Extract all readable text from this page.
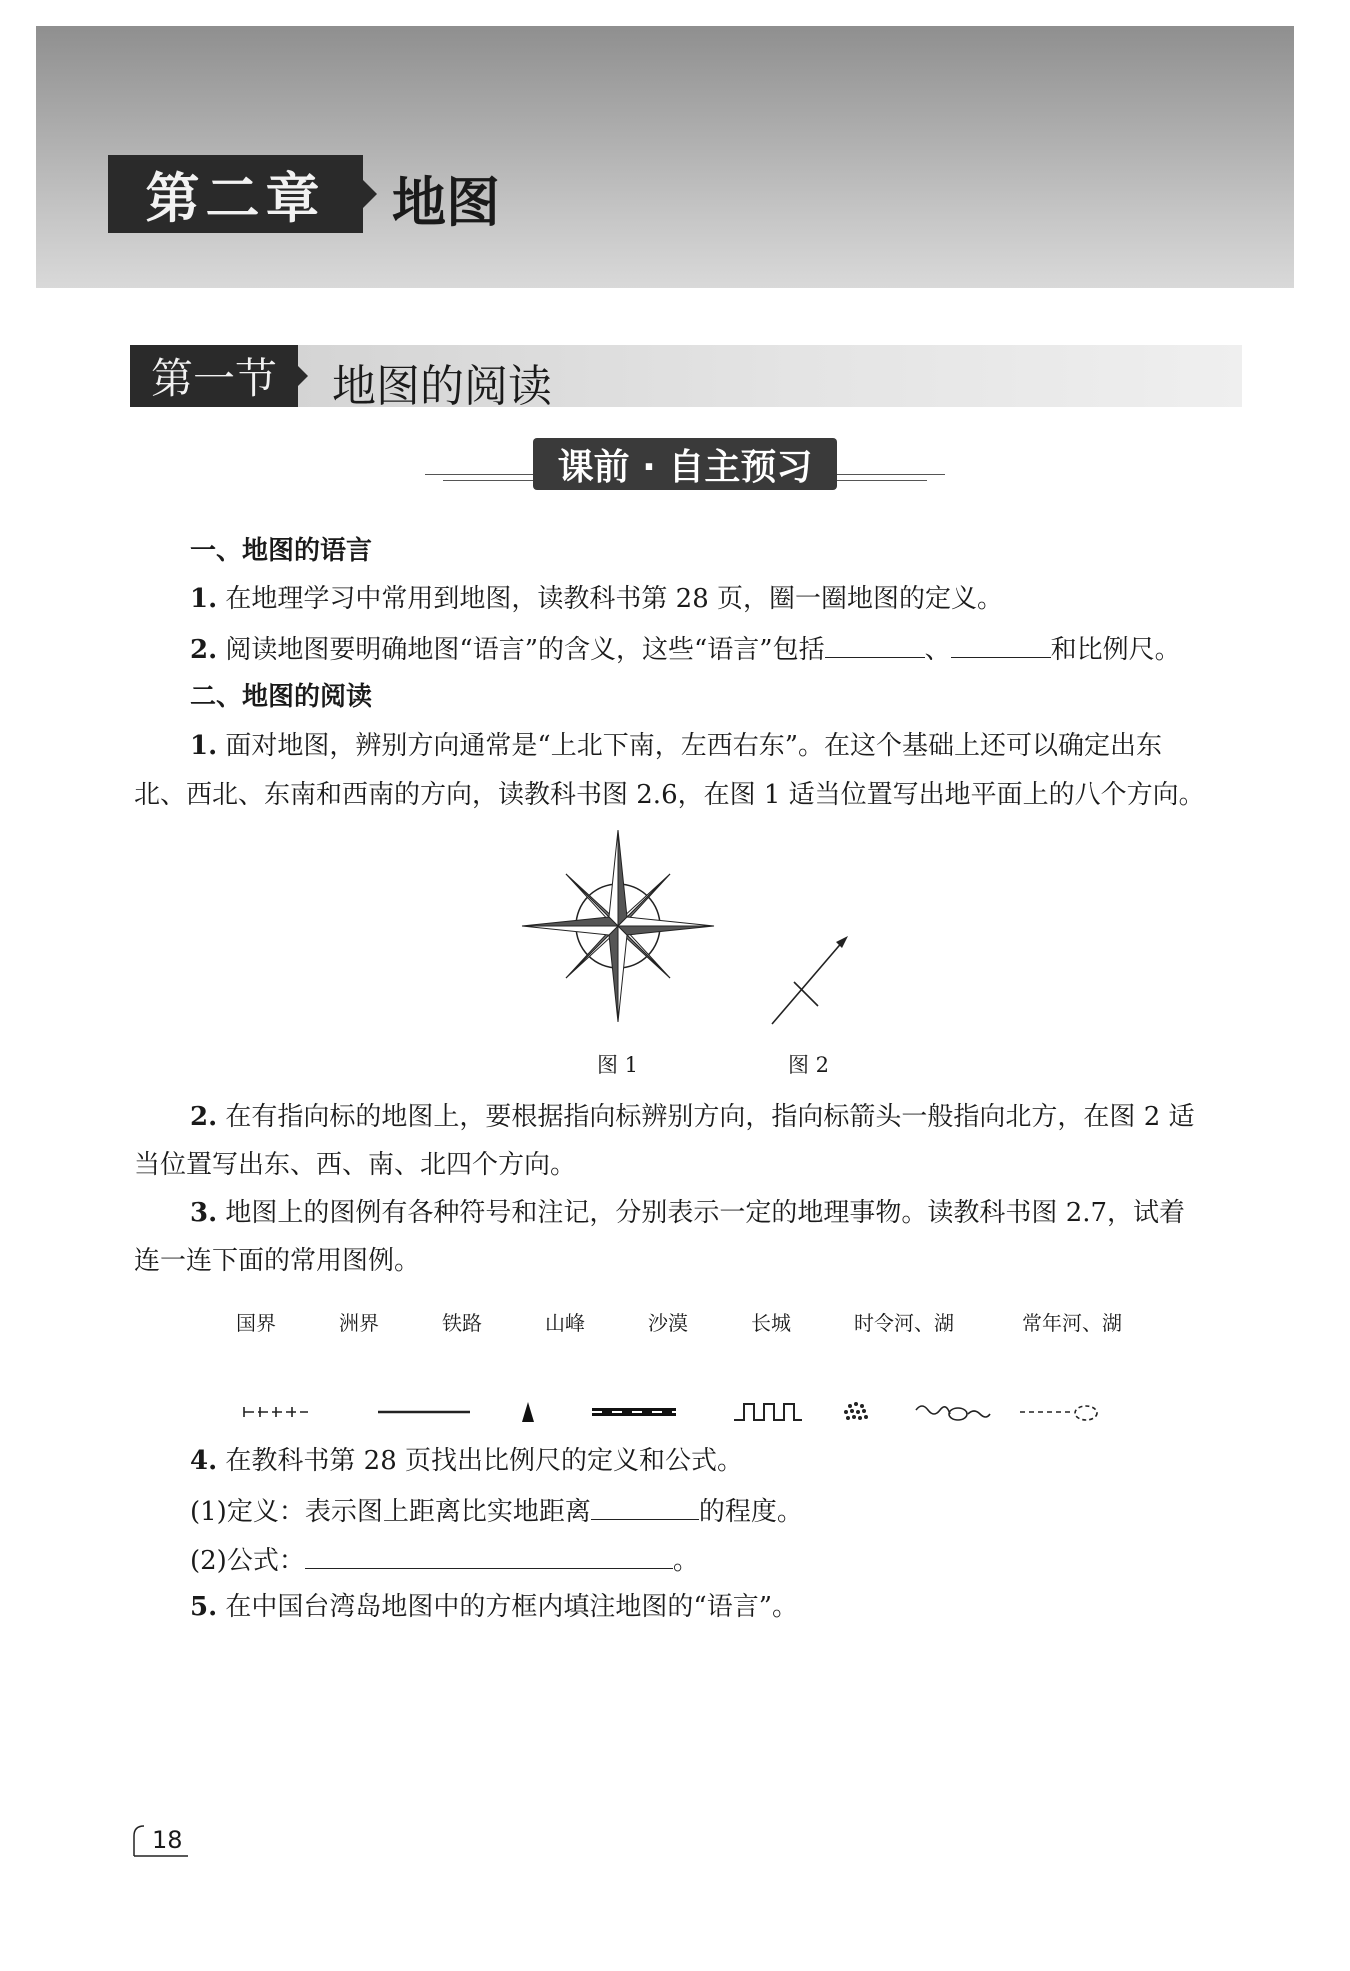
第二章	地图
第一节	地图的阅读
课前 · 自主预习
一、地图的语言
1. 在地理学习中常用到地图，读教科书第 28 页，圈一圈地图的定义。
2. 阅读地图要明确地图“语言”的含义，这些“语言”包括	、	和比例尺。
二、地图的阅读
1. 面对地图，辨别方向通常是“上北下南，左西右东”。在这个基础上还可以确定出东
北、西北、东南和西南的方向，读教科书图 2.6，在图 1 适当位置写出地平面上的八个方向。
图 1	图 2
2. 在有指向标的地图上，要根据指向标辨别方向，指向标箭头一般指向北方，在图 2 适
当位置写出东、西、南、北四个方向。
3. 地图上的图例有各种符号和注记，分别表示一定的地理事物。读教科书图 2.7，试着
连一连下面的常用图例。
国界	洲界	铁路	山峰	沙漠	长城	时令河、湖	常年河、湖
4. 在教科书第 28 页找出比例尺的定义和公式。
(1)定义：表示图上距离比实地距离	的程度。
(2)公式：	。
5. 在中国台湾岛地图中的方框内填注地图的“语言”。
18
